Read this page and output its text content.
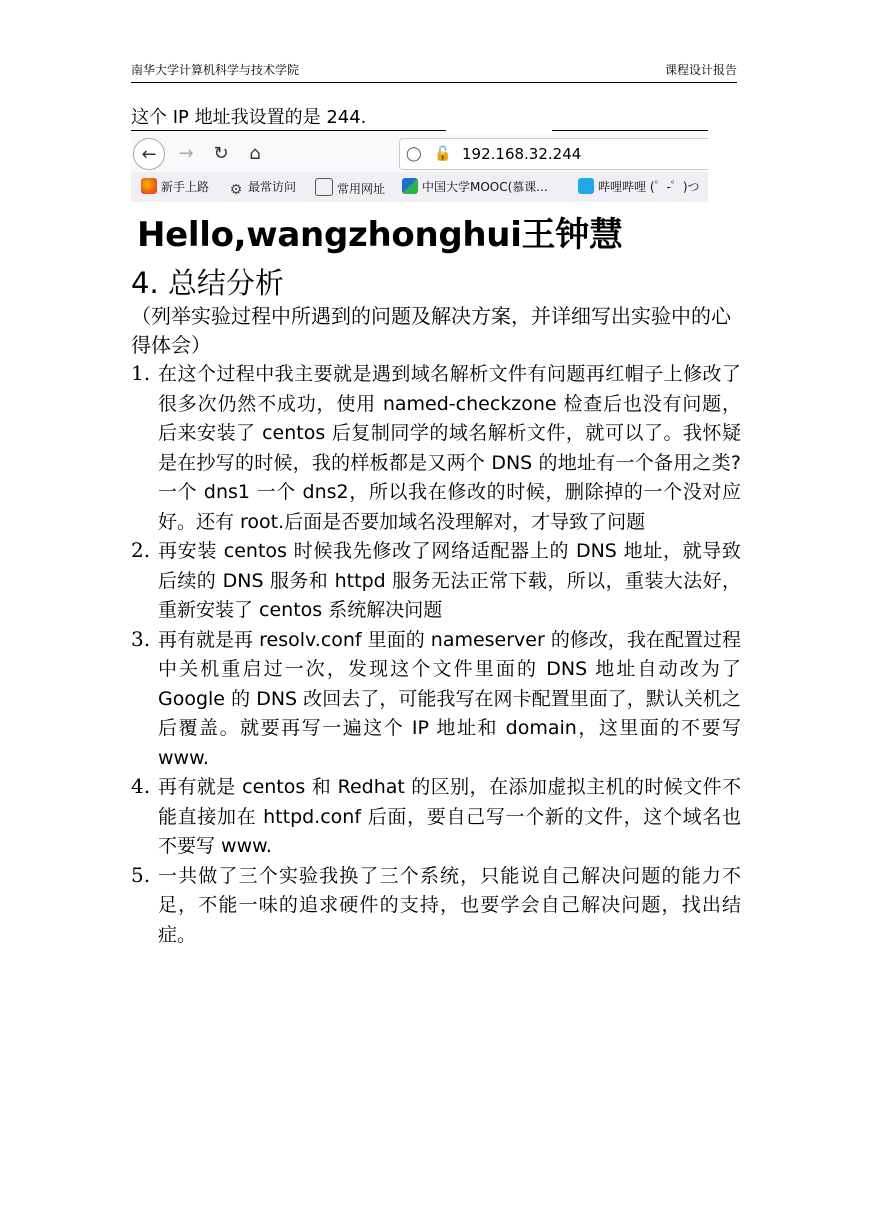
南华大学计算机科学与技术学院	课程设计报告
这个 IP 地址我设置的是 244.
←	→	↻	⌂	◯ 🔓 192.168.32.244
新手上路 ⚙ 最常访问	常用网址	中国大学MOOC(慕课...	哔哩哔哩 (゜-゜)つ
Hello,wangzhonghui王钟慧
4. 总结分析
（列举实验过程中所遇到的问题及解决方案，并详细写出实验中的心得体会）
1. 在这个过程中我主要就是遇到域名解析文件有问题再红帽子上修改了很多次仍然不成功，使用 named-checkzone 检查后也没有问题，后来安装了 centos 后复制同学的域名解析文件，就可以了。我怀疑是在抄写的时候，我的样板都是又两个 DNS 的地址有一个备用之类?一个 dns1 一个 dns2，所以我在修改的时候，删除掉的一个没对应好。还有 root.后面是否要加域名没理解对，才导致了问题
2. 再安装 centos 时候我先修改了网络适配器上的 DNS 地址，就导致后续的 DNS 服务和 httpd 服务无法正常下载，所以，重装大法好，重新安装了 centos 系统解决问题
3. 再有就是再 resolv.conf 里面的 nameserver 的修改，我在配置过程中关机重启过一次，发现这个文件里面的 DNS 地址自动改为了 Google 的 DNS 改回去了，可能我写在网卡配置里面了，默认关机之后覆盖。就要再写一遍这个 IP 地址和 domain，这里面的不要写 www.
4. 再有就是 centos 和 Redhat 的区别，在添加虚拟主机的时候文件不能直接加在 httpd.conf 后面，要自己写一个新的文件，这个域名也不要写 www.
5. 一共做了三个实验我换了三个系统，只能说自己解决问题的能力不足，不能一味的追求硬件的支持，也要学会自己解决问题，找出结症。
